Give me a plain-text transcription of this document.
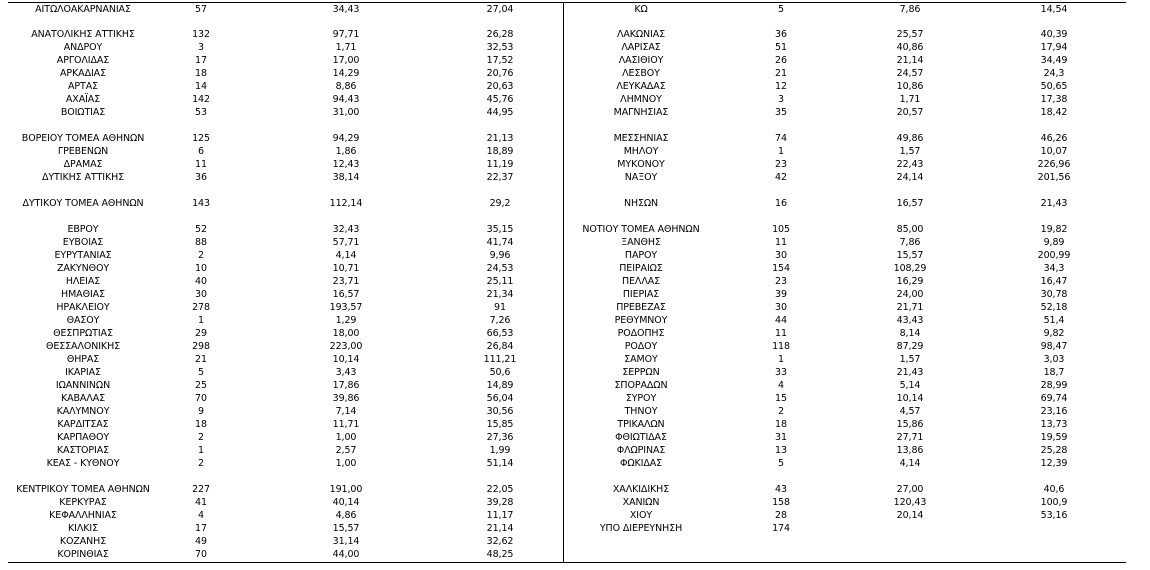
ΑΙΤΩΛΟΑΚΑΡΝΑΝΙΑΣ	57	34,43	27,04
ΑΝΑΤΟΛΙΚΗΣ ΑΤΤΙΚΗΣ	132	97,71	26,28
ΑΝΔΡΟΥ	3	1,71	32,53
ΑΡΓΟΛΙΔΑΣ	17	17,00	17,52
ΑΡΚΑΔΙΑΣ	18	14,29	20,76
ΑΡΤΑΣ	14	8,86	20,63
ΑΧΑΪΑΣ	142	94,43	45,76
ΒΟΙΩΤΙΑΣ	53	31,00	44,95
ΒΟΡΕΙΟΥ ΤΟΜΕΑ ΑΘΗΝΩΝ	125	94,29	21,13
ΓΡΕΒΕΝΩΝ	6	1,86	18,89
ΔΡΑΜΑΣ	11	12,43	11,19
ΔΥΤΙΚΗΣ ΑΤΤΙΚΗΣ	36	38,14	22,37
ΔΥΤΙΚΟΥ ΤΟΜΕΑ ΑΘΗΝΩΝ	143	112,14	29,2
ΕΒΡΟΥ	52	32,43	35,15
ΕΥΒΟΙΑΣ	88	57,71	41,74
ΕΥΡΥΤΑΝΙΑΣ	2	4,14	9,96
ΖΑΚΥΝΘΟΥ	10	10,71	24,53
ΗΛΕΙΑΣ	40	23,71	25,11
ΗΜΑΘΙΑΣ	30	16,57	21,34
ΗΡΑΚΛΕΙΟΥ	278	193,57	91
ΘΑΣΟΥ	1	1,29	7,26
ΘΕΣΠΡΩΤΙΑΣ	29	18,00	66,53
ΘΕΣΣΑΛΟΝΙΚΗΣ	298	223,00	26,84
ΘΗΡΑΣ	21	10,14	111,21
ΙΚΑΡΙΑΣ	5	3,43	50,6
ΙΩΑΝΝΙΝΩΝ	25	17,86	14,89
ΚΑΒΑΛΑΣ	70	39,86	56,04
ΚΑΛΥΜΝΟΥ	9	7,14	30,56
ΚΑΡΔΙΤΣΑΣ	18	11,71	15,85
ΚΑΡΠΑΘΟΥ	2	1,00	27,36
ΚΑΣΤΟΡΙΑΣ	1	2,57	1,99
ΚΕΑΣ - ΚΥΘΝΟΥ	2	1,00	51,14
ΚΕΝΤΡΙΚΟΥ ΤΟΜΕΑ ΑΘΗΝΩΝ	227	191,00	22,05
ΚΕΡΚΥΡΑΣ	41	40,14	39,28
ΚΕΦΑΛΛΗΝΙΑΣ	4	4,86	11,17
ΚΙΛΚΙΣ	17	15,57	21,14
ΚΟΖΑΝΗΣ	49	31,14	32,62
ΚΟΡΙΝΘΙΑΣ	70	44,00	48,25
ΚΩ	5	7,86	14,54
ΛΑΚΩΝΙΑΣ	36	25,57	40,39
ΛΑΡΙΣΑΣ	51	40,86	17,94
ΛΑΣΙΘΙΟΥ	26	21,14	34,49
ΛΕΣΒΟΥ	21	24,57	24,3
ΛΕΥΚΑΔΑΣ	12	10,86	50,65
ΛΗΜΝΟΥ	3	1,71	17,38
ΜΑΓΝΗΣΙΑΣ	35	20,57	18,42
ΜΕΣΣΗΝΙΑΣ	74	49,86	46,26
ΜΗΛΟΥ	1	1,57	10,07
ΜΥΚΟΝΟΥ	23	22,43	226,96
ΝΑΞΟΥ	42	24,14	201,56
ΝΗΣΩΝ	16	16,57	21,43
ΝΟΤΙΟΥ ΤΟΜΕΑ ΑΘΗΝΩΝ	105	85,00	19,82
ΞΑΝΘΗΣ	11	7,86	9,89
ΠΑΡΟΥ	30	15,57	200,99
ΠΕΙΡΑΙΩΣ	154	108,29	34,3
ΠΕΛΛΑΣ	23	16,29	16,47
ΠΙΕΡΙΑΣ	39	24,00	30,78
ΠΡΕΒΕΖΑΣ	30	21,71	52,18
ΡΕΘΥΜΝΟΥ	44	43,43	51,4
ΡΟΔΟΠΗΣ	11	8,14	9,82
ΡΟΔΟΥ	118	87,29	98,47
ΣΑΜΟΥ	1	1,57	3,03
ΣΕΡΡΩΝ	33	21,43	18,7
ΣΠΟΡΑΔΩΝ	4	5,14	28,99
ΣΥΡΟΥ	15	10,14	69,74
ΤΗΝΟΥ	2	4,57	23,16
ΤΡΙΚΑΛΩΝ	18	15,86	13,73
ΦΘΙΩΤΙΔΑΣ	31	27,71	19,59
ΦΛΩΡΙΝΑΣ	13	13,86	25,28
ΦΩΚΙΔΑΣ	5	4,14	12,39
ΧΑΛΚΙΔΙΚΗΣ	43	27,00	40,6
ΧΑΝΙΩΝ	158	120,43	100,9
ΧΙΟΥ	28	20,14	53,16
ΥΠΟ ΔΙΕΡΕΥΝΗΣΗ	174
